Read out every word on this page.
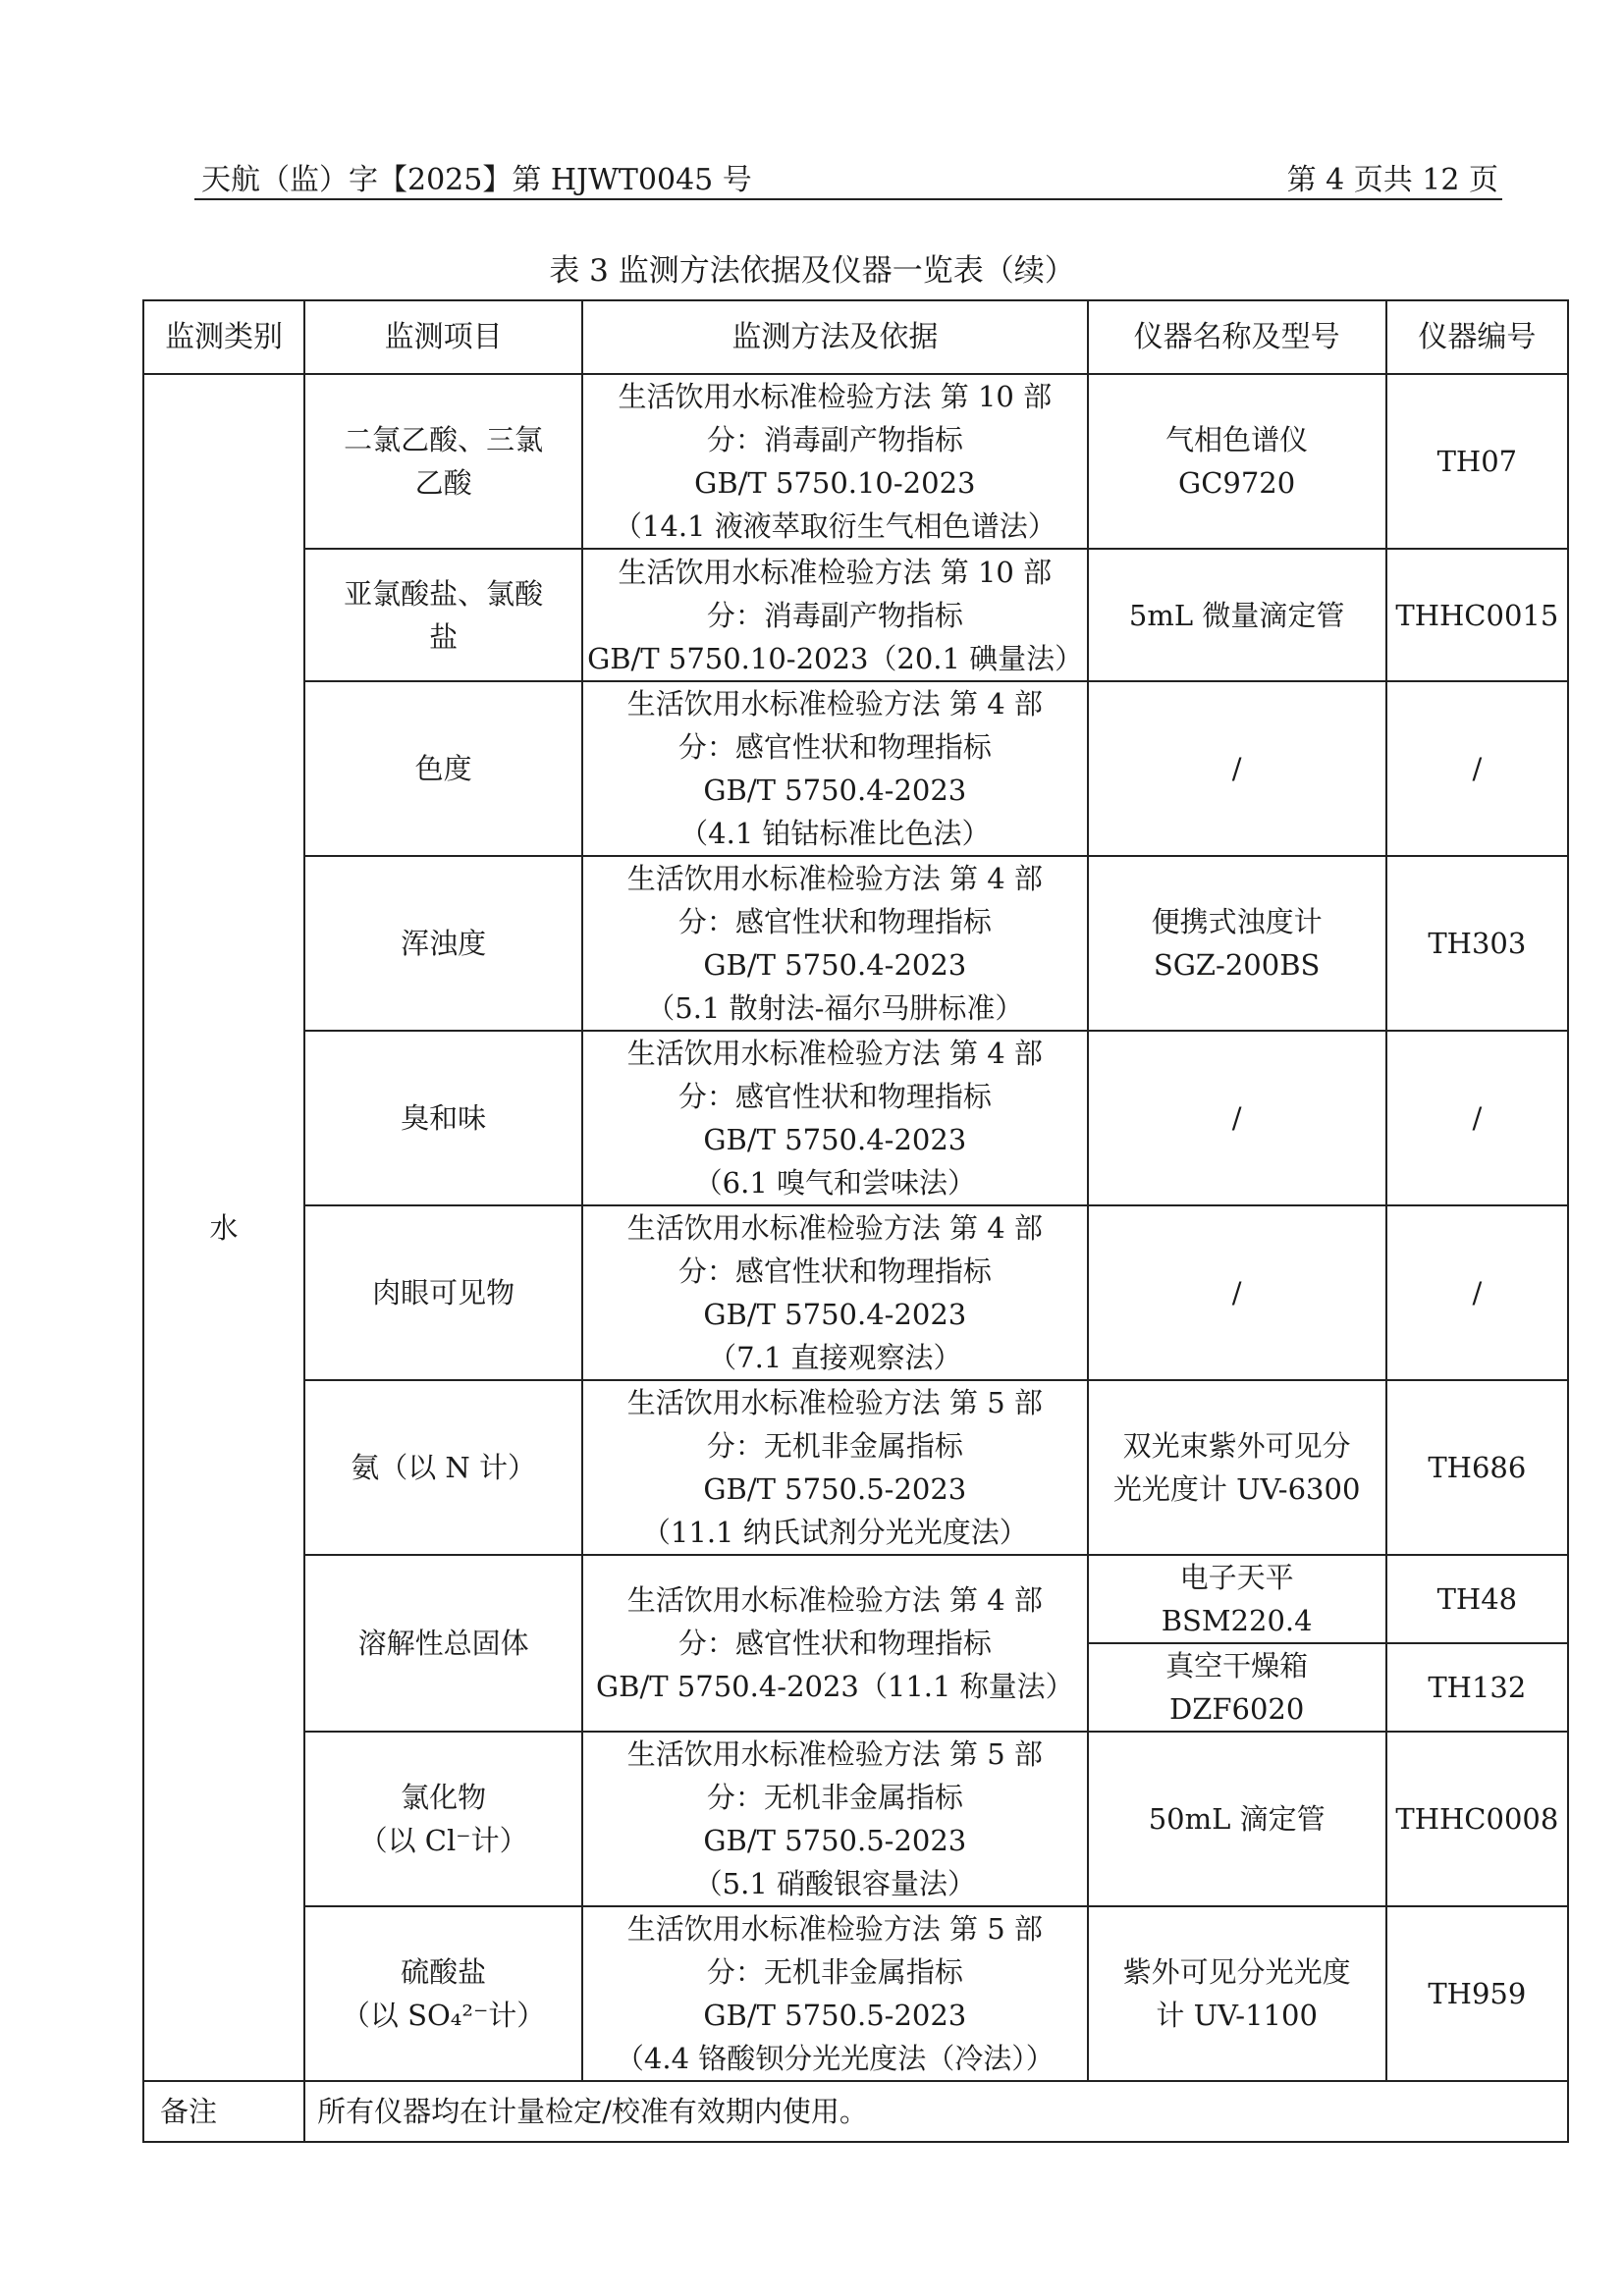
天航（监）字【2025】第 HJWT0045 号	第 4 页共 12 页
表 3 监测方法依据及仪器一览表（续）
监测类别	监测项目	监测方法及依据	仪器名称及型号	仪器编号
水	二氯乙酸、三氯
乙酸	生活饮用水标准检验方法 第 10 部
分：消毒副产物指标
GB/T 5750.10-2023
（14.1 液液萃取衍生气相色谱法）	气相色谱仪
GC9720	TH07

	亚氯酸盐、氯酸
盐	生活饮用水标准检验方法 第 10 部
分：消毒副产物指标
GB/T 5750.10-2023（20.1 碘量法）	5mL 微量滴定管	THHC0015

	色度	生活饮用水标准检验方法 第 4 部
分：感官性状和物理指标
GB/T 5750.4-2023
（4.1 铂钴标准比色法）	/	/

	浑浊度	生活饮用水标准检验方法 第 4 部
分：感官性状和物理指标
GB/T 5750.4-2023
（5.1 散射法-福尔马肼标准）	便携式浊度计
SGZ-200BS	TH303

	臭和味	生活饮用水标准检验方法 第 4 部
分：感官性状和物理指标
GB/T 5750.4-2023
（6.1 嗅气和尝味法）	/	/

	肉眼可见物	生活饮用水标准检验方法 第 4 部
分：感官性状和物理指标
GB/T 5750.4-2023
（7.1 直接观察法）	/	/

	氨（以 N 计）	生活饮用水标准检验方法 第 5 部
分：无机非金属指标
GB/T 5750.5-2023
（11.1 纳氏试剂分光光度法）	双光束紫外可见分
光光度计 UV-6300	TH686

	溶解性总固体	生活饮用水标准检验方法 第 4 部
分：感官性状和物理指标
GB/T 5750.4-2023（11.1 称量法）	电子天平
BSM220.4	TH48

			真空干燥箱
DZF6020	TH132

	氯化物
（以 Cl⁻计）	生活饮用水标准检验方法 第 5 部
分：无机非金属指标
GB/T 5750.5-2023
（5.1 硝酸银容量法）	50mL 滴定管	THHC0008

	硫酸盐
（以 SO₄²⁻计）	生活饮用水标准检验方法 第 5 部
分：无机非金属指标
GB/T 5750.5-2023
（4.4 铬酸钡分光光度法（冷法））	紫外可见分光光度
计 UV-1100	TH959
备注	所有仪器均在计量检定/校准有效期内使用。			
